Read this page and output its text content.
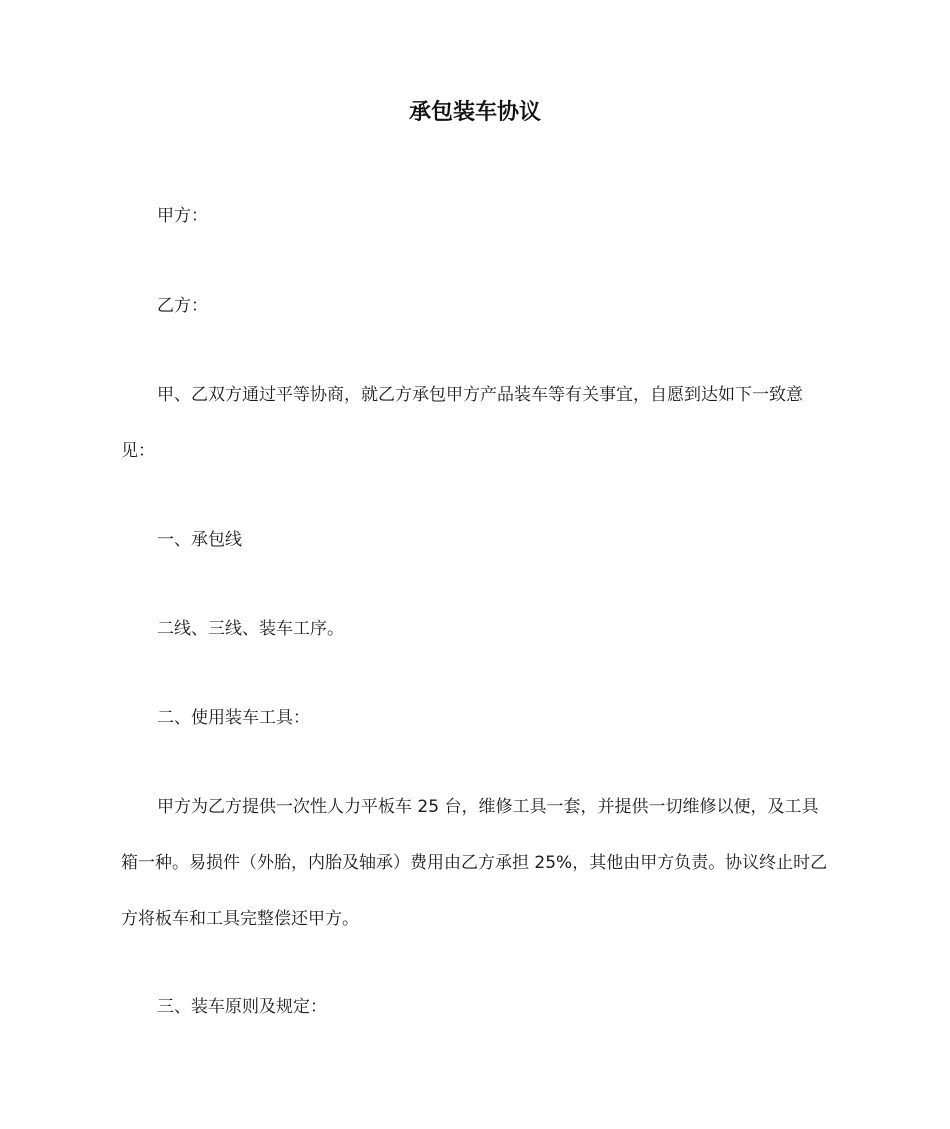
承包装车协议

甲方：

乙方：

甲、乙双方通过平等协商，就乙方承包甲方产品装车等有关事宜，自愿到达如下一致意见：

一、承包线

二线、三线、装车工序。

二、使用装车工具：

甲方为乙方提供一次性人力平板车 25 台，维修工具一套，并提供一切维修以便，及工具箱一种。易损件（外胎，内胎及轴承）费用由乙方承担 25%，其他由甲方负责。协议终止时乙方将板车和工具完整偿还甲方。

三、装车原则及规定：
